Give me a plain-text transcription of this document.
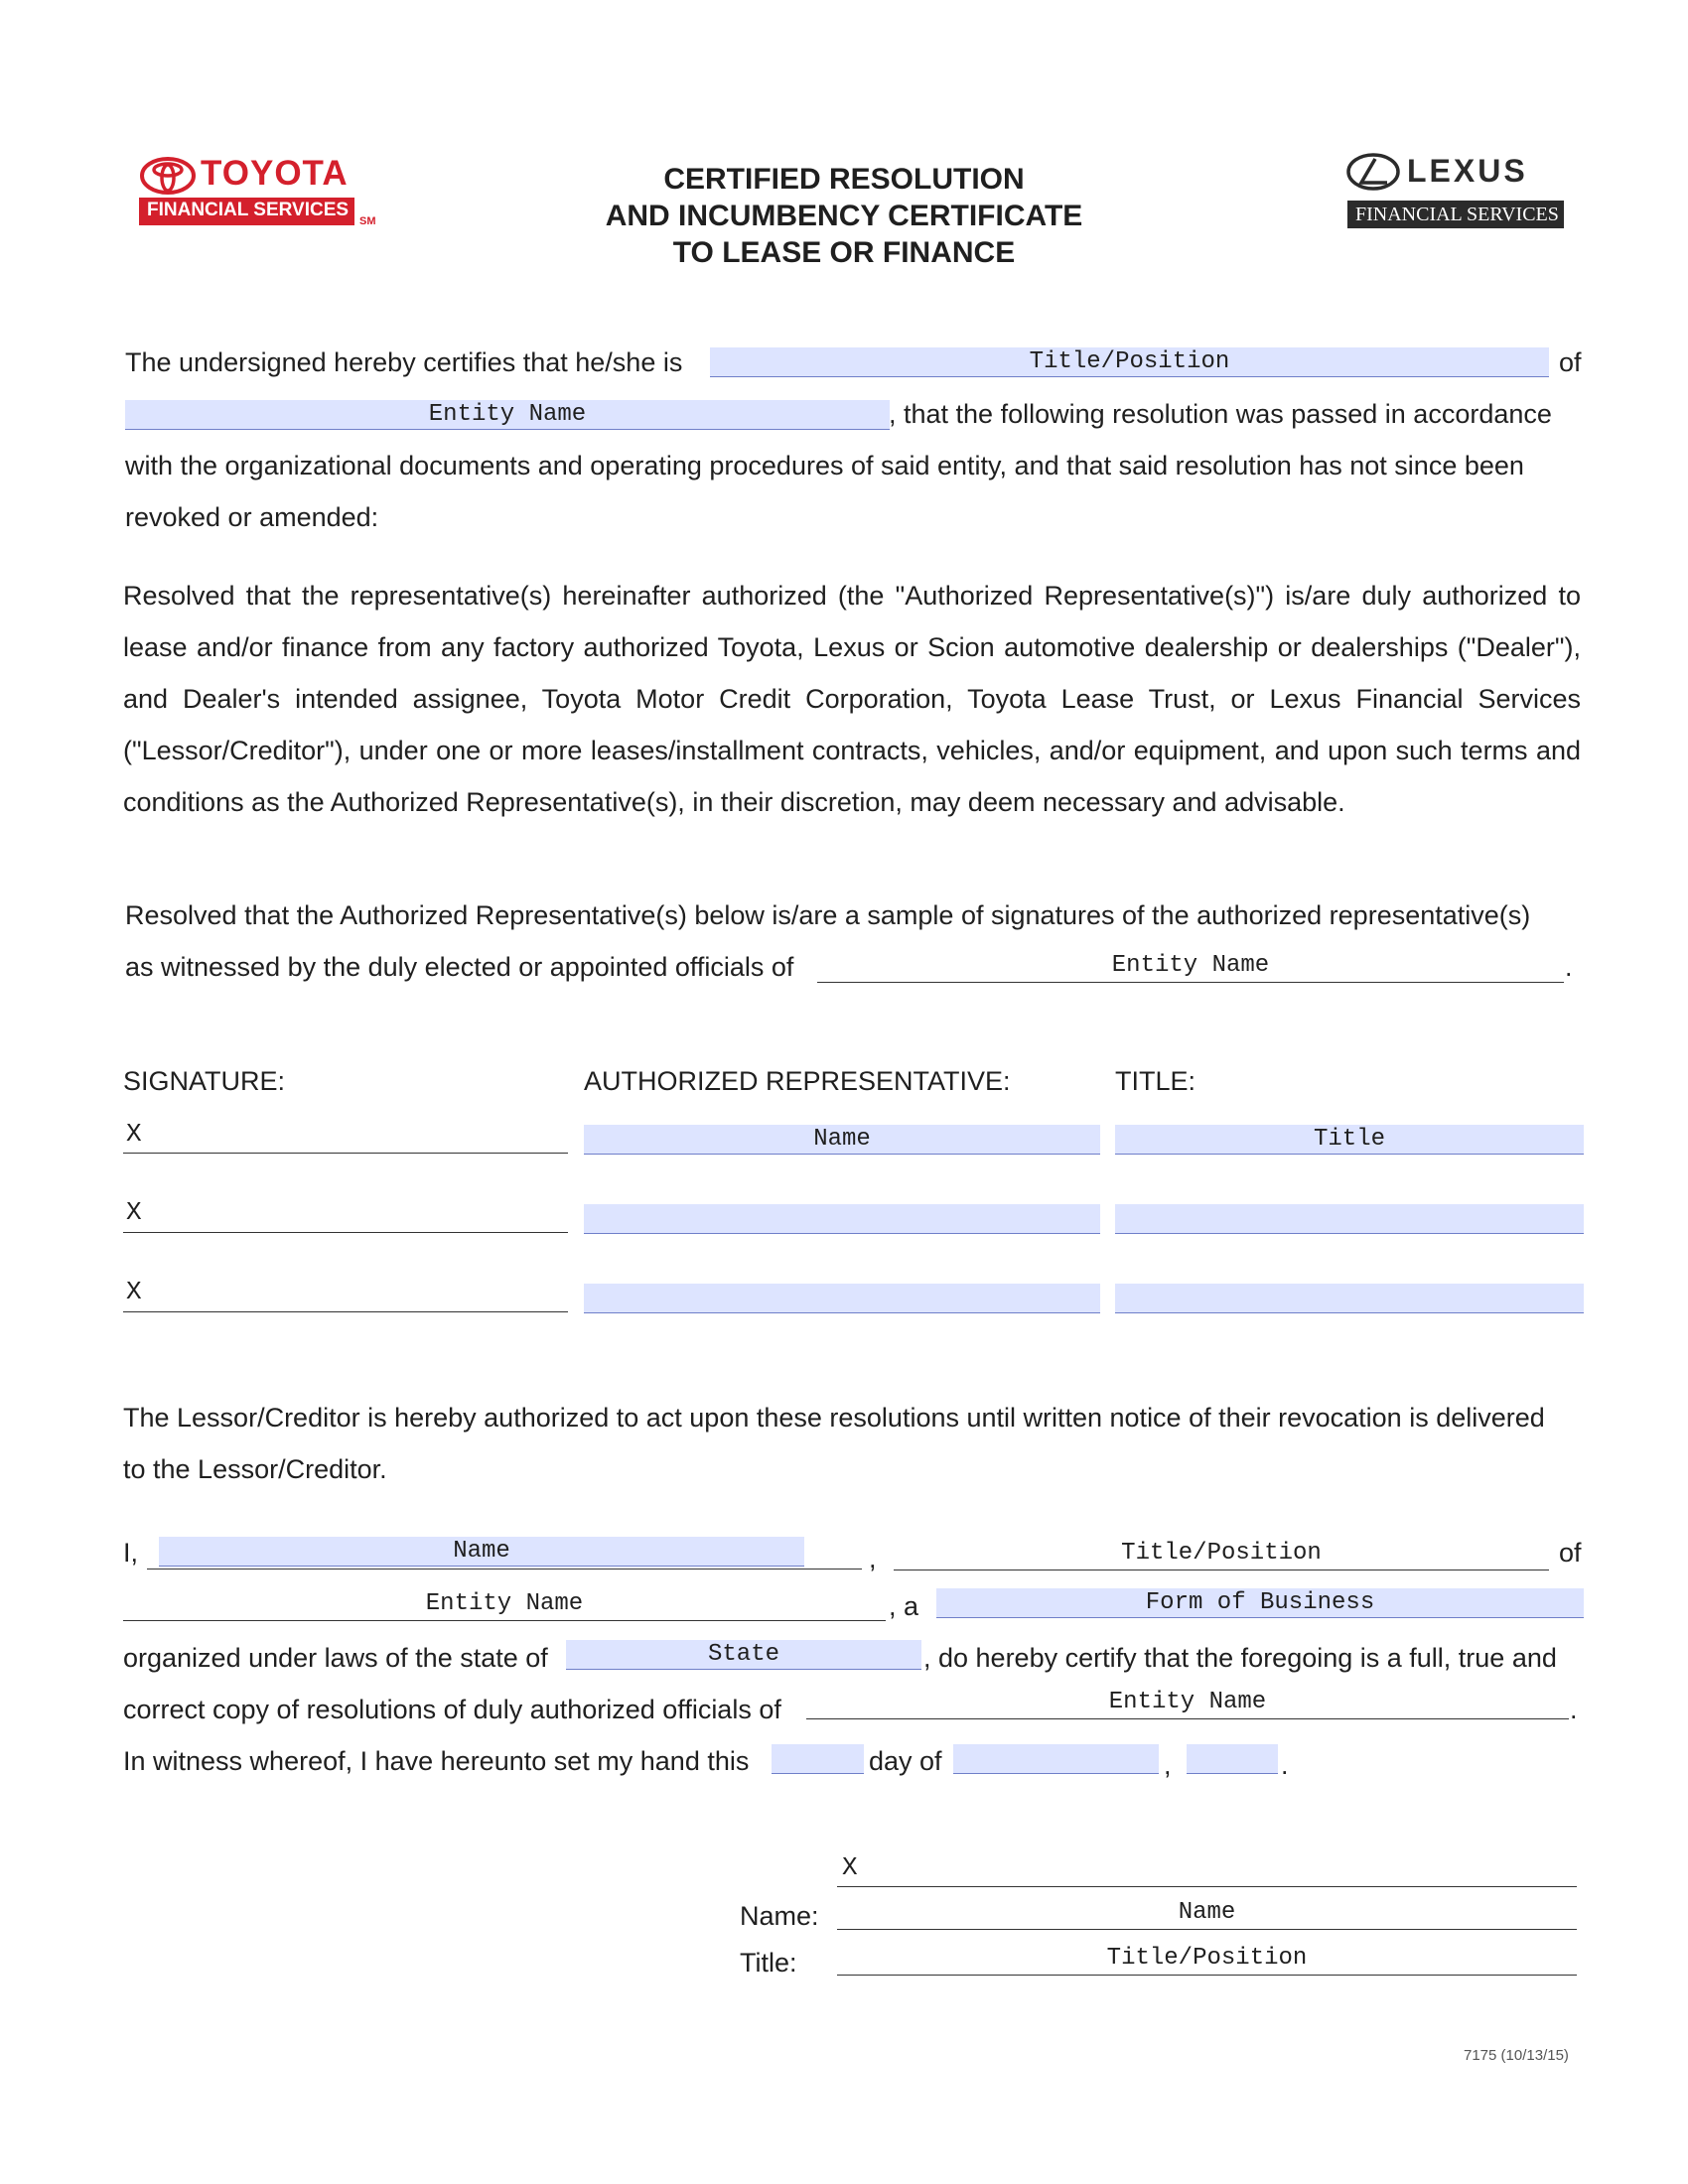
TOYOTA
FINANCIAL SERVICES
SM
LEXUS
FINANCIAL SERVICES
CERTIFIED RESOLUTION
AND INCUMBENCY CERTIFICATE
TO LEASE OR FINANCE
The undersigned hereby certifies that he/she is	Title/Position	of
Entity Name	, that the following resolution was passed in accordance
with the organizational documents and operating procedures of said entity, and that said resolution has not since been
revoked or amended:
Resolved that the representative(s) hereinafter authorized (the "Authorized Representative(s)") is/are duly authorized to lease and/or finance from any factory authorized Toyota, Lexus or Scion automotive dealership or dealerships ("Dealer"), and Dealer's intended assignee, Toyota Motor Credit Corporation, Toyota Lease Trust, or Lexus Financial Services ("Lessor/Creditor"), under one or more leases/installment contracts, vehicles, and/or equipment, and upon such terms and conditions as the Authorized Representative(s), in their discretion, may deem necessary and advisable.
Resolved that the Authorized Representative(s) below is/are a sample of signatures of the authorized representative(s)
as witnessed by the duly elected or appointed officials of	Entity Name	.
SIGNATURE:	AUTHORIZED REPRESENTATIVE:	TITLE:
X	Name	Title
X
X
The Lessor/Creditor is hereby authorized to act upon these resolutions until written notice of their revocation is delivered
to the Lessor/Creditor.
I,	Name	,	Title/Position	of
Entity Name	, a	Form of Business
organized under laws of the state of	State	, do hereby certify that the foregoing is a full, true and
correct copy of resolutions of duly authorized officials of	Entity Name	.
In witness whereof, I have hereunto set my hand this	day of	,	.
X
Name:	Name
Title:	Title/Position
7175 (10/13/15)
